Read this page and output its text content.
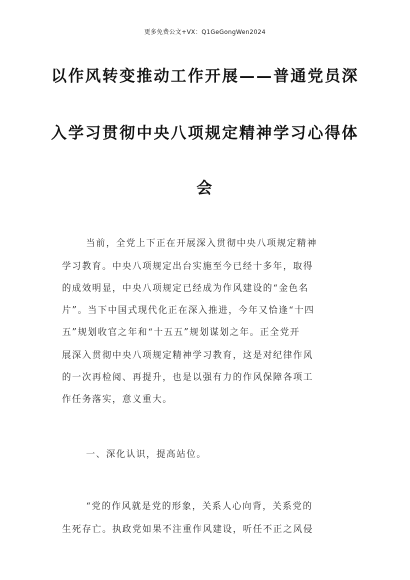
更多免费公文+VX：Q1GeGongWen2024
以作风转变推动工作开展——普通党员深
入学习贯彻中央八项规定精神学习心得体
会
当前，全党上下正在开展深入贯彻中央八项规定精神
学习教育。中央八项规定出台实施至今已经十多年，取得
的成效明显，中央八项规定已经成为作风建设的“金色名
片”。当下中国式现代化正在深入推进，今年又恰逢“十四
五”规划收官之年和“十五五”规划谋划之年。正全党开
展深入贯彻中央八项规定精神学习教育，这是对纪律作风
的一次再检阅、再提升，也是以强有力的作风保障各项工
作任务落实，意义重大。
一、深化认识，提高站位。
“党的作风就是党的形象，关系人心向背，关系党的
生死存亡。执政党如果不注重作风建设，听任不正之风侵
